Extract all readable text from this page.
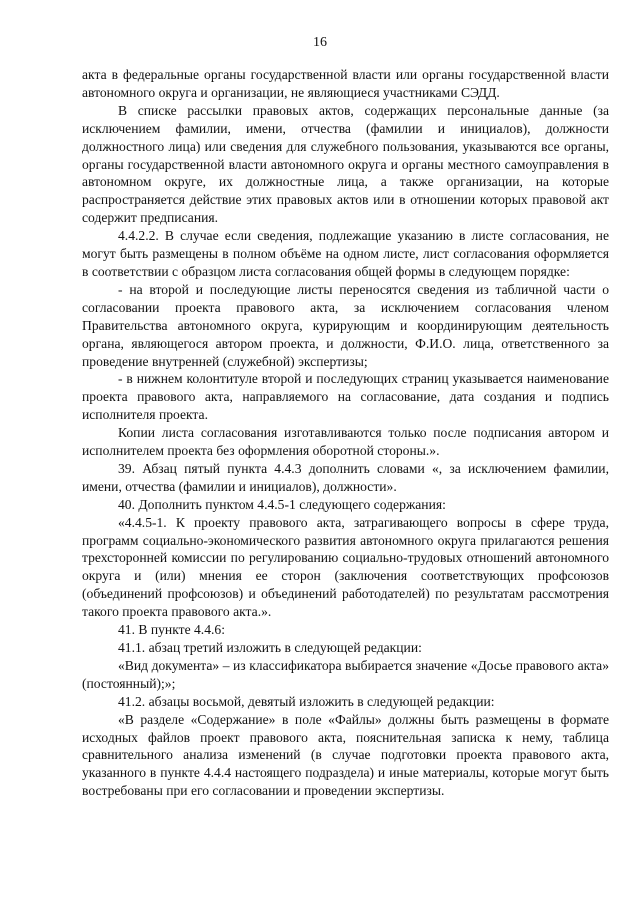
16

акта в федеральные органы государственной власти или органы государственной власти автономного округа и организации, не являющиеся участниками СЭДД.

В списке рассылки правовых актов, содержащих персональные данные (за исключением фамилии, имени, отчества (фамилии и инициалов), должности должностного лица) или сведения для служебного пользования, указываются все органы, органы государственной власти автономного округа и органы местного самоуправления в автономном округе, их должностные лица, а также организации, на которые распространяется действие этих правовых актов или в отношении которых правовой акт содержит предписания.

4.4.2.2. В случае если сведения, подлежащие указанию в листе согласования, не могут быть размещены в полном объёме на одном листе, лист согласования оформляется в соответствии с образцом листа согласования общей формы в следующем порядке:

- на второй и последующие листы переносятся сведения из табличной части о согласовании проекта правового акта, за исключением согласования членом Правительства автономного округа, курирующим и координирующим деятельность органа, являющегося автором проекта, и должности, Ф.И.О. лица, ответственного за проведение внутренней (служебной) экспертизы;

- в нижнем колонтитуле второй и последующих страниц указывается наименование проекта правового акта, направляемого на согласование, дата создания и подпись исполнителя проекта.

Копии листа согласования изготавливаются только после подписания автором и исполнителем проекта без оформления оборотной стороны.».

39. Абзац пятый пункта 4.4.3 дополнить словами «, за исключением фамилии, имени, отчества (фамилии и инициалов), должности».

40. Дополнить пунктом 4.4.5-1 следующего содержания:

«4.4.5-1. К проекту правового акта, затрагивающего вопросы в сфере труда, программ социально-экономического развития автономного округа прилагаются решения трехсторонней комиссии по регулированию социально-трудовых отношений автономного округа и (или) мнения ее сторон (заключения соответствующих профсоюзов (объединений профсоюзов) и объединений работодателей) по результатам рассмотрения такого проекта правового акта.».

41. В пункте 4.4.6:

41.1. абзац третий изложить в следующей редакции:

«Вид документа» – из классификатора выбирается значение «Досье правового акта» (постоянный);»;

41.2. абзацы восьмой, девятый изложить в следующей редакции:

«В разделе «Содержание» в поле «Файлы» должны быть размещены в формате исходных файлов проект правового акта, пояснительная записка к нему, таблица сравнительного анализа изменений (в случае подготовки проекта правового акта, указанного в пункте 4.4.4 настоящего подраздела) и иные материалы, которые могут быть востребованы при его согласовании и проведении экспертизы.
